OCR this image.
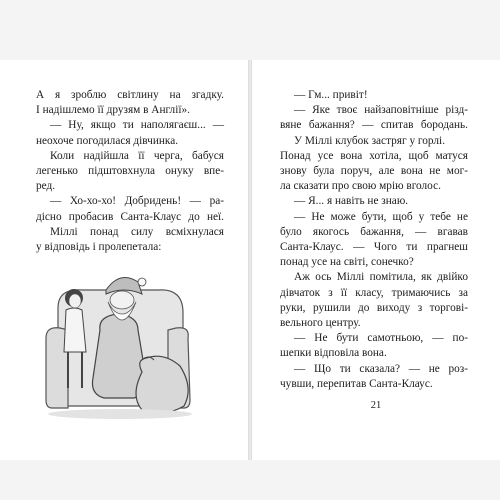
А я зроблю світлину на згадку.
І надішлемо її друзям в Англії».
— Ну, якщо ти наполягаєш... —
неохоче погодилася дівчинка.
Коли надійшла її черга, бабуся
легенько підштовхнула онуку впе-
ред.
— Хо-хо-хо! Добридень! — ра-
дісно пробасив Санта-Клаус до неї.
Міллі понад силу всміхнулася
у відповідь і пролепетала:
— Гм... привіт!
— Яке твоє найзаповітніше різд-
вяне бажання? — спитав бородань.
У Міллі клубок застряг у горлі.
Понад усе вона хотіла, щоб матуся
знову була поруч, але вона не мог-
ла сказати про свою мрію вголос.
— Я... я навіть не знаю.
— Не може бути, щоб у тебе не
було якогось бажання, — вгавав
Санта-Клаус. — Чого ти прагнеш
понад усе на світі, сонечко?
Аж ось Міллі помітила, як двійко
дівчаток з її класу, тримаючись за
руки, рушили до виходу з торгові-
вельного центру.
— Не бути самотньою, — по-
шепки відповіла вона.
— Що ти сказала? — не роз-
чувши, перепитав Санта-Клаус.
21
